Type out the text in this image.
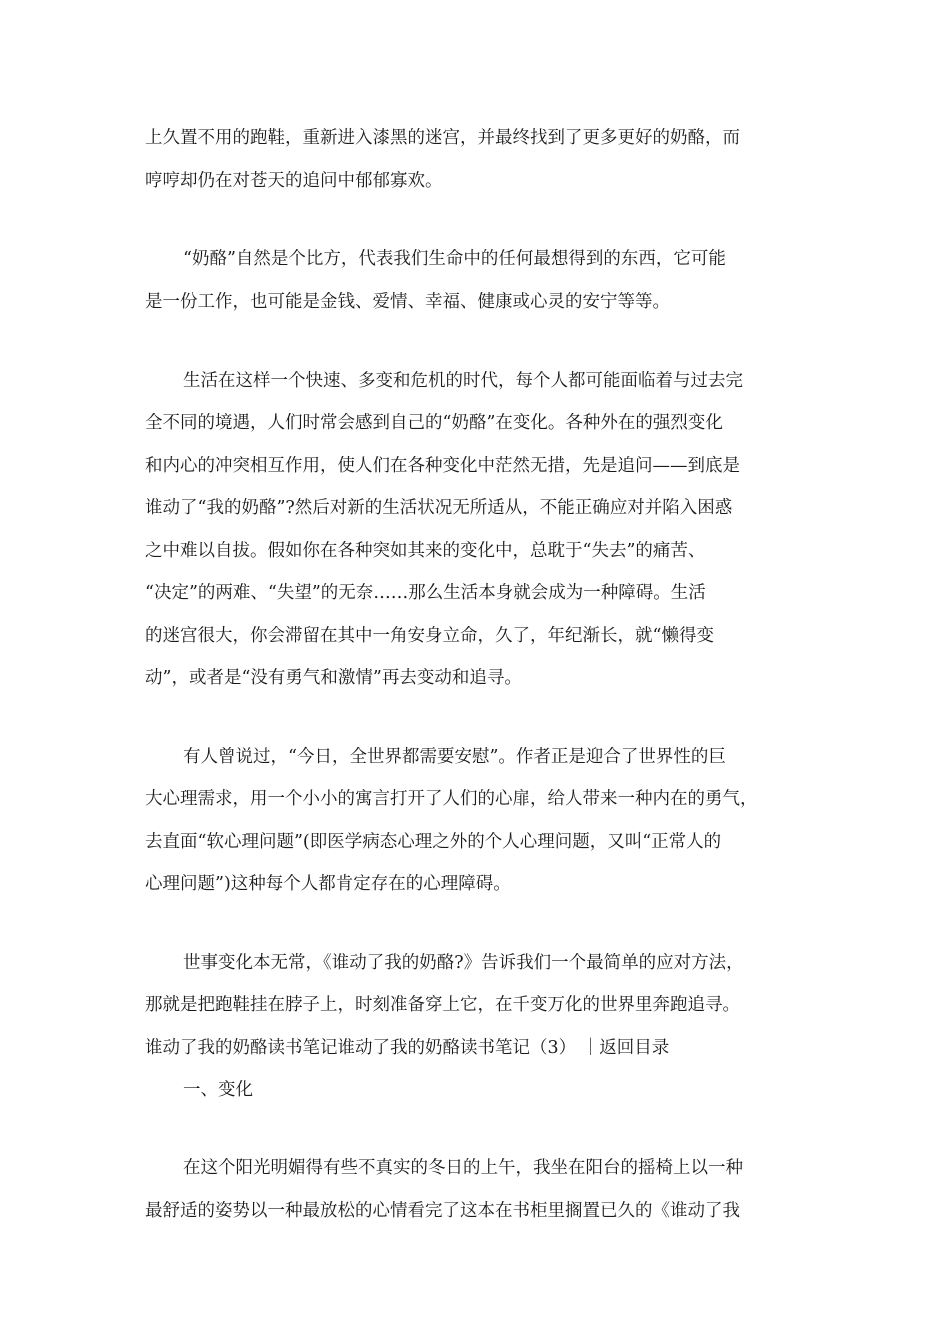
上久置不用的跑鞋，重新进入漆黑的迷宫，并最终找到了更多更好的奶酪，而
哼哼却仍在对苍天的追问中郁郁寡欢。
“奶酪”自然是个比方，代表我们生命中的任何最想得到的东西，它可能
是一份工作，也可能是金钱、爱情、幸福、健康或心灵的安宁等等。
生活在这样一个快速、多变和危机的时代，每个人都可能面临着与过去完
全不同的境遇，人们时常会感到自己的“奶酪”在变化。各种外在的强烈变化
和内心的冲突相互作用，使人们在各种变化中茫然无措，先是追问——到底是
谁动了“我的奶酪”?然后对新的生活状况无所适从，不能正确应对并陷入困惑
之中难以自拔。假如你在各种突如其来的变化中，总耽于“失去”的痛苦、
“决定”的两难、“失望”的无奈……那么生活本身就会成为一种障碍。生活
的迷宫很大，你会滞留在其中一角安身立命，久了，年纪渐长，就“懒得变
动”，或者是“没有勇气和激情”再去变动和追寻。
有人曾说过，“今日，全世界都需要安慰”。作者正是迎合了世界性的巨
大心理需求，用一个小小的寓言打开了人们的心扉，给人带来一种内在的勇气，
去直面“软心理问题”(即医学病态心理之外的个人心理问题，又叫“正常人的
心理问题”)这种每个人都肯定存在的心理障碍。
世事变化本无常，《谁动了我的奶酪?》告诉我们一个最简单的应对方法，
那就是把跑鞋挂在脖子上，时刻准备穿上它，在千变万化的世界里奔跑追寻。
谁动了我的奶酪读书笔记谁动了我的奶酪读书笔记（3） ｜返回目录
一、变化
在这个阳光明媚得有些不真实的冬日的上午，我坐在阳台的摇椅上以一种
最舒适的姿势以一种最放松的心情看完了这本在书柜里搁置已久的《谁动了我
